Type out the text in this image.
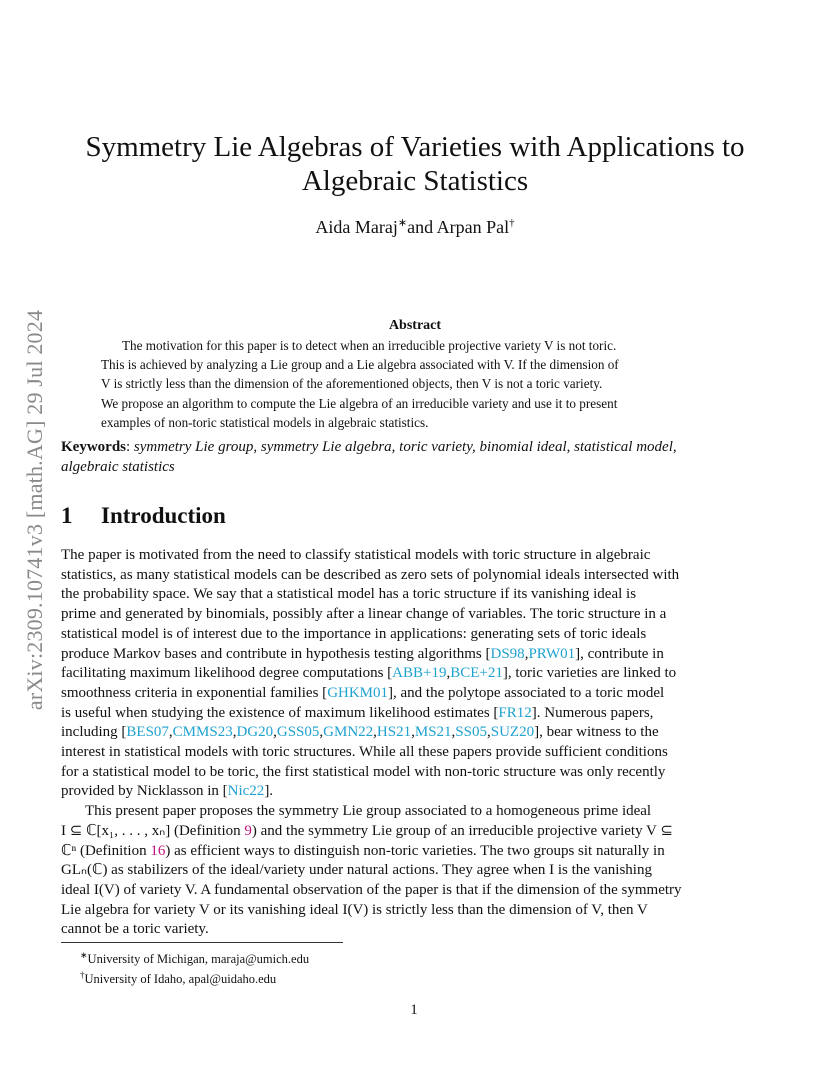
arXiv:2309.10741v3 [math.AG] 29 Jul 2024
Symmetry Lie Algebras of Varieties with Applications to
Algebraic Statistics
Aida Maraj∗and Arpan Pal†
Abstract
The motivation for this paper is to detect when an irreducible projective variety V is not toric.
This is achieved by analyzing a Lie group and a Lie algebra associated with V. If the dimension of
V is strictly less than the dimension of the aforementioned objects, then V is not a toric variety.
We propose an algorithm to compute the Lie algebra of an irreducible variety and use it to present
examples of non-toric statistical models in algebraic statistics.
Keywords: symmetry Lie group, symmetry Lie algebra, toric variety, binomial ideal, statistical model,
algebraic statistics
1 Introduction
The paper is motivated from the need to classify statistical models with toric structure in algebraic
statistics, as many statistical models can be described as zero sets of polynomial ideals intersected with
the probability space. We say that a statistical model has a toric structure if its vanishing ideal is
prime and generated by binomials, possibly after a linear change of variables. The toric structure in a
statistical model is of interest due to the importance in applications: generating sets of toric ideals
produce Markov bases and contribute in hypothesis testing algorithms [DS98,PRW01], contribute in
facilitating maximum likelihood degree computations [ABB+19,BCE+21], toric varieties are linked to
smoothness criteria in exponential families [GHKM01], and the polytope associated to a toric model
is useful when studying the existence of maximum likelihood estimates [FR12]. Numerous papers,
including [BES07,CMMS23,DG20,GSS05,GMN22,HS21,MS21,SS05,SUZ20], bear witness to the
interest in statistical models with toric structures. While all these papers provide sufficient conditions
for a statistical model to be toric, the first statistical model with non-toric structure was only recently
provided by Nicklasson in [Nic22].
This present paper proposes the symmetry Lie group associated to a homogeneous prime ideal
I ⊆ ℂ[x₁, . . . , xₙ] (Definition 9) and the symmetry Lie group of an irreducible projective variety V ⊆
ℂⁿ (Definition 16) as efficient ways to distinguish non-toric varieties. The two groups sit naturally in
GLₙ(ℂ) as stabilizers of the ideal/variety under natural actions. They agree when I is the vanishing
ideal I(V) of variety V. A fundamental observation of the paper is that if the dimension of the symmetry
Lie algebra for variety V or its vanishing ideal I(V) is strictly less than the dimension of V, then V
cannot be a toric variety.
∗University of Michigan, maraja@umich.edu
†University of Idaho, apal@uidaho.edu
1
